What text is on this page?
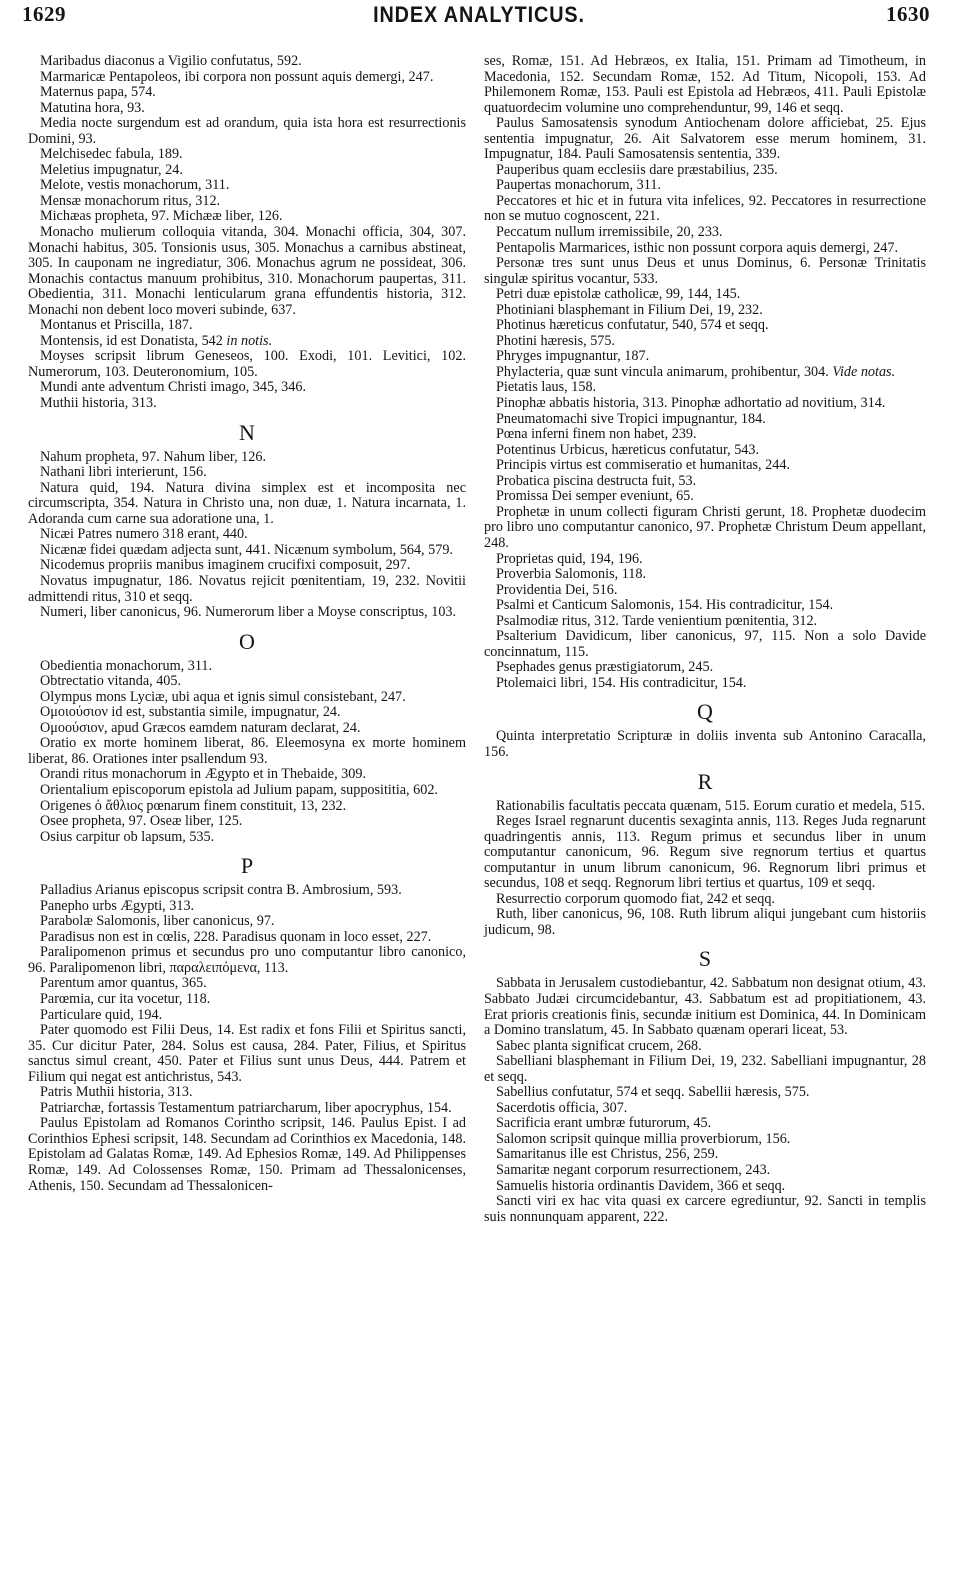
1629	INDEX ANALYTICUS.	1630

Maribadus diaconus a Vigilio confutatus, 592.

Marmaricæ Pentapoleos, ibi corpora non possunt aquis demergi, 247.

Maternus papa, 574.

Matutina hora, 93.

Media nocte surgendum est ad orandum, quia ista hora est resurrectionis Domini, 93.

Melchisedec fabula, 189.

Meletius impugnatur, 24.

Melote, vestis monachorum, 311.

Mensæ monachorum ritus, 312.

Michæas propheta, 97. Michææ liber, 126.

Monacho mulierum colloquia vitanda, 304. Monachi officia, 304, 307. Monachi habitus, 305. Tonsionis usus, 305. Monachus a carnibus abstineat, 305. In cauponam ne ingrediatur, 306. Monachus agrum ne possideat, 306. Monachis contactus manuum prohibitus, 310. Monachorum paupertas, 311. Obedientia, 311. Monachi lenticularum grana effundentis historia, 312. Monachi non debent loco moveri subinde, 637.

Montanus et Priscilla, 187.

Montensis, id est Donatista, 542 in notis.

Moyses scripsit librum Geneseos, 100. Exodi, 101. Levitici, 102. Numerorum, 103. Deuteronomium, 105.

Mundi ante adventum Christi imago, 345, 346.

Muthii historia, 313.

N

Nahum propheta, 97. Nahum liber, 126.

Nathani libri interierunt, 156.

Natura quid, 194. Natura divina simplex est et incomposita nec circumscripta, 354. Natura in Christo una, non duæ, 1. Natura incarnata, 1. Adoranda cum carne sua adoratione una, 1.

Nicæi Patres numero 318 erant, 440.

Nicænæ fidei quædam adjecta sunt, 441. Nicænum symbolum, 564, 579.

Nicodemus propriis manibus imaginem crucifixi composuit, 297.

Novatus impugnatur, 186. Novatus rejicit pœnitentiam, 19, 232. Novitii admittendi ritus, 310 et seqq.

Numeri, liber canonicus, 96. Numerorum liber a Moyse conscriptus, 103.

O

Obedientia monachorum, 311.

Obtrectatio vitanda, 405.

Olympus mons Lyciæ, ubi aqua et ignis simul consistebant, 247.

Ομοιούσιον id est, substantia simile, impugnatur, 24.

Ομοούσιον, apud Græcos eamdem naturam declarat, 24.

Oratio ex morte hominem liberat, 86. Eleemosyna ex morte hominem liberat, 86. Orationes inter psallendum 93.

Orandi ritus monachorum in Ægypto et in Thebaide, 309.

Orientalium episcoporum epistola ad Julium papam, supposititia, 602.

Origenes ὁ ἄθλιος pœnarum finem constituit, 13, 232.

Osee propheta, 97. Oseæ liber, 125.

Osius carpitur ob lapsum, 535.

P

Palladius Arianus episcopus scripsit contra B. Ambrosium, 593.

Panepho urbs Ægypti, 313.

Parabolæ Salomonis, liber canonicus, 97.

Paradisus non est in cœlis, 228. Paradisus quonam in loco esset, 227.

Paralipomenon primus et secundus pro uno computantur libro canonico, 96. Paralipomenon libri, παραλειπόμενα, 113.

Parentum amor quantus, 365.

Parœmia, cur ita vocetur, 118.

Particulare quid, 194.

Pater quomodo est Filii Deus, 14. Est radix et fons Filii et Spiritus sancti, 35. Cur dicitur Pater, 284. Solus est causa, 284. Pater, Filius, et Spiritus sanctus simul creant, 450. Pater et Filius sunt unus Deus, 444. Patrem et Filium qui negat est antichristus, 543.

Patris Muthii historia, 313.

Patriarchæ, fortassis Testamentum patriarcharum, liber apocryphus, 154.

Paulus Epistolam ad Romanos Corintho scripsit, 146. Paulus Epist. I ad Corinthios Ephesi scripsit, 148. Secundam ad Corinthios ex Macedonia, 148. Epistolam ad Galatas Romæ, 149. Ad Ephesios Romæ, 149. Ad Philippenses Romæ, 149. Ad Colossenses Romæ, 150. Primam ad Thessalonicenses, Athenis, 150. Secundam ad Thessalonicen-

ses, Romæ, 151. Ad Hebræos, ex Italia, 151. Primam ad Timotheum, in Macedonia, 152. Secundam Romæ, 152. Ad Titum, Nicopoli, 153. Ad Philemonem Romæ, 153. Pauli est Epistola ad Hebræos, 411. Pauli Epistolæ quatuordecim volumine uno comprehenduntur, 99, 146 et seqq.

Paulus Samosatensis synodum Antiochenam dolore afficiebat, 25. Ejus sententia impugnatur, 26. Ait Salvatorem esse merum hominem, 31. Impugnatur, 184. Pauli Samosatensis sententia, 339.

Pauperibus quam ecclesiis dare præstabilius, 235.

Paupertas monachorum, 311.

Peccatores et hic et in futura vita infelices, 92. Peccatores in resurrectione non se mutuo cognoscent, 221.

Peccatum nullum irremissibile, 20, 233.

Pentapolis Marmarices, isthic non possunt corpora aquis demergi, 247.

Personæ tres sunt unus Deus et unus Dominus, 6. Personæ Trinitatis singulæ spiritus vocantur, 533.

Petri duæ epistolæ catholicæ, 99, 144, 145.

Photiniani blasphemant in Filium Dei, 19, 232.

Photinus hæreticus confutatur, 540, 574 et seqq.

Photini hæresis, 575.

Phryges impugnantur, 187.

Phylacteria, quæ sunt vincula animarum, prohibentur, 304. Vide notas.

Pietatis laus, 158.

Pinophæ abbatis historia, 313. Pinophæ adhortatio ad novitium, 314.

Pneumatomachi sive Tropici impugnantur, 184.

Pœna inferni finem non habet, 239.

Potentinus Urbicus, hæreticus confutatur, 543.

Principis virtus est commiseratio et humanitas, 244.

Probatica piscina destructa fuit, 53.

Promissa Dei semper eveniunt, 65.

Prophetæ in unum collecti figuram Christi gerunt, 18. Prophetæ duodecim pro libro uno computantur canonico, 97. Prophetæ Christum Deum appellant, 248.

Proprietas quid, 194, 196.

Proverbia Salomonis, 118.

Providentia Dei, 516.

Psalmi et Canticum Salomonis, 154. His contradicitur, 154.

Psalmodiæ ritus, 312. Tarde venientium pœnitentia, 312.

Psalterium Davidicum, liber canonicus, 97, 115. Non a solo Davide concinnatum, 115.

Psephades genus præstigiatorum, 245.

Ptolemaici libri, 154. His contradicitur, 154.

Q

Quinta interpretatio Scripturæ in doliis inventa sub Antonino Caracalla, 156.

R

Rationabilis facultatis peccata quænam, 515. Eorum curatio et medela, 515.

Reges Israel regnarunt ducentis sexaginta annis, 113. Reges Juda regnarunt quadringentis annis, 113. Regum primus et secundus liber in unum computantur canonicum, 96. Regum sive regnorum tertius et quartus computantur in unum librum canonicum, 96. Regnorum libri primus et secundus, 108 et seqq. Regnorum libri tertius et quartus, 109 et seqq.

Resurrectio corporum quomodo fiat, 242 et seqq.

Ruth, liber canonicus, 96, 108. Ruth librum aliqui jungebant cum historiis judicum, 98.

S

Sabbata in Jerusalem custodiebantur, 42. Sabbatum non designat otium, 43. Sabbato Judæi circumcidebantur, 43. Sabbatum est ad propitiationem, 43. Erat prioris creationis finis, secundæ initium est Dominica, 44. In Dominicam a Domino translatum, 45. In Sabbato quænam operari liceat, 53.

Sabec planta significat crucem, 268.

Sabelliani blasphemant in Filium Dei, 19, 232. Sabelliani impugnantur, 28 et seqq.

Sabellius confutatur, 574 et seqq. Sabellii hæresis, 575.

Sacerdotis officia, 307.

Sacrificia erant umbræ futurorum, 45.

Salomon scripsit quinque millia proverbiorum, 156.

Samaritanus ille est Christus, 256, 259.

Samaritæ negant corporum resurrectionem, 243.

Samuelis historia ordinantis Davidem, 366 et seqq.

Sancti viri ex hac vita quasi ex carcere egrediuntur, 92. Sancti in templis suis nonnunquam apparent, 222.
